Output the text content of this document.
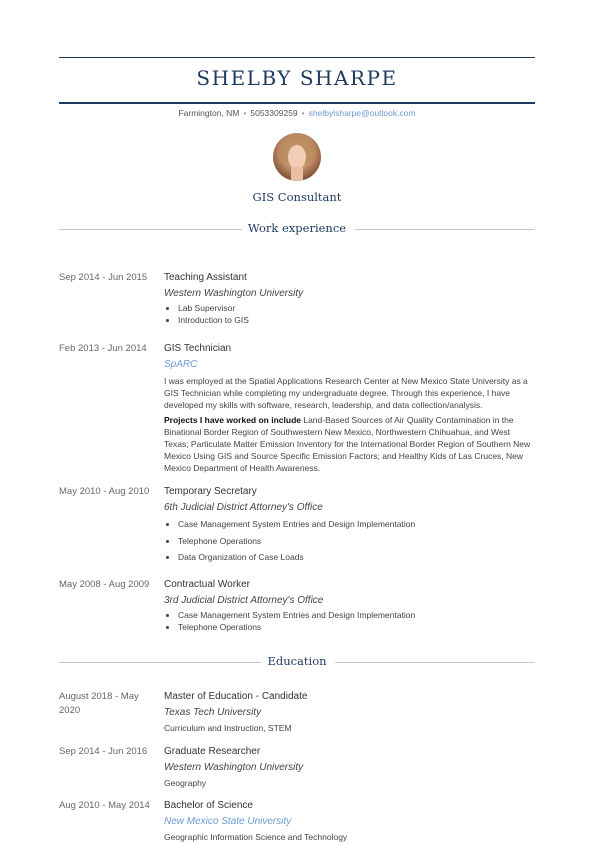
SHELBY SHARPE
Farmington, NM • 5053309259 • shelbylsharpe@outlook.com
GIS Consultant
Work experience
Sep 2014 - Jun 2015	Teaching Assistant
Western Washington University
• Lab Supervisor
• Introduction to GIS
Feb 2013 - Jun 2014	GIS Technician
SpARC

I was employed at the Spatial Applications Research Center at New Mexico State University as a GIS Technician while completing my undergraduate degree. Through this experience, I have developed my skills with software, research, leadership, and data collection/analysis.

Projects I have worked on include Land-Based Sources of Air Quality Contamination in the Binational Border Region of Southwestern New Mexico, Northwestern Chihuahua, and West Texas; Particulate Matter Emission Inventory for the International Border Region of Southern New Mexico Using GIS and Source Specific Emission Factors; and Healthy Kids of Las Cruces, New Mexico Department of Health Awareness.

May 2010 - Aug 2010	Temporary Secretary
6th Judicial District Attorney's Office
• Case Management System Entries and Design Implementation
• Telephone Operations
• Data Organization of Case Loads
May 2008 - Aug 2009	Contractual Worker
3rd Judicial District Attorney's Office
• Case Management System Entries and Design Implementation
• Telephone Operations
Education
August 2018 - May 2020
Master of Education - Candidate
Texas Tech University
Curriculum and Instruction, STEM
Sep 2014 - Jun 2016	Graduate Researcher
Western Washington University
Geography
Aug 2010 - May 2014	Bachelor of Science
New Mexico State University
Geographic Information Science and Technology
